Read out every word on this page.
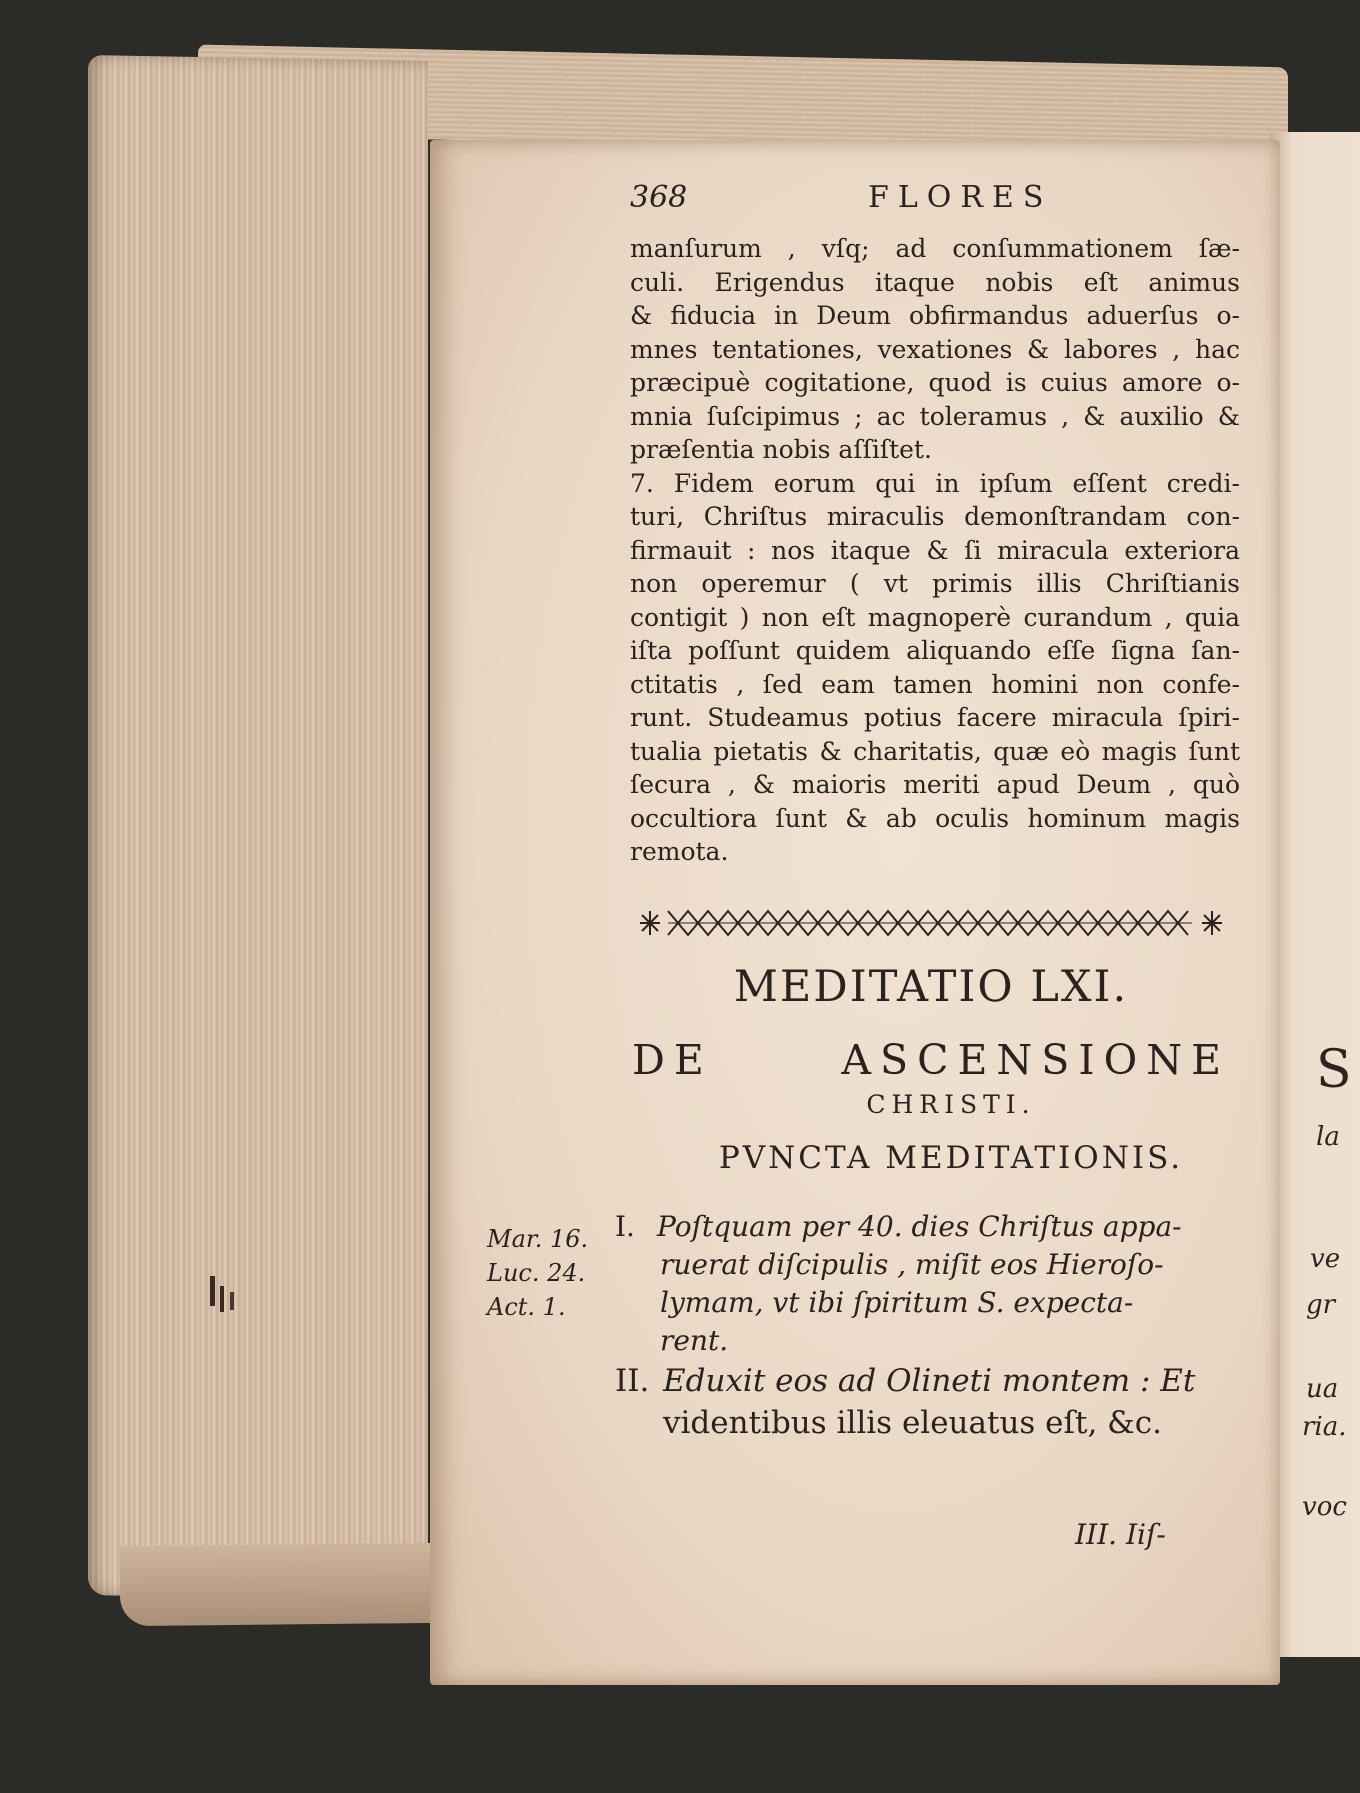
S
la
ve
gr
ua
ria.
voc
368	FLORES
manſurum , vſq; ad conſummationem ſæ-
culi. Erigendus itaque nobis eſt animus
& fiducia in Deum obfirmandus aduerſus o-
mnes tentationes, vexationes & labores , hac
præcipuè cogitatione, quod is cuius amore o-
mnia ſuſcipimus ; ac toleramus , & auxilio &
præſentia nobis aſſiſtet.
7. Fidem eorum qui in ipſum eſſent credi-
turi, Chriſtus miraculis demonſtrandam con-
firmauit : nos itaque & ſi miracula exteriora
non operemur ( vt primis illis Chriſtianis
contigit ) non eſt magnoperè curandum , quia
iſta poſſunt quidem aliquando eſſe ſigna ſan-
ctitatis , ſed eam tamen homini non confe-
runt. Studeamus potius facere miracula ſpiri-
tualia pietatis & charitatis, quæ eò magis ſunt
ſecura , & maioris meriti apud Deum , quò
occultiora ſunt & ab oculis hominum magis
remota.
MEDITATIO LXI.
DE ASCENSIONE
CHRISTI.
PVNCTA MEDITATIONIS.
Mar. 16.
Luc. 24.
Act. 1.
I. Poſtquam per 40. dies Chriſtus appa-
ruerat diſcipulis , miſit eos Hieroſo-
lymam, vt ibi ſpiritum S. expecta-
rent.
II. Eduxit eos ad Olineti montem : Et
videntibus illis eleuatus eſt, &c.
III. Iiſ-
